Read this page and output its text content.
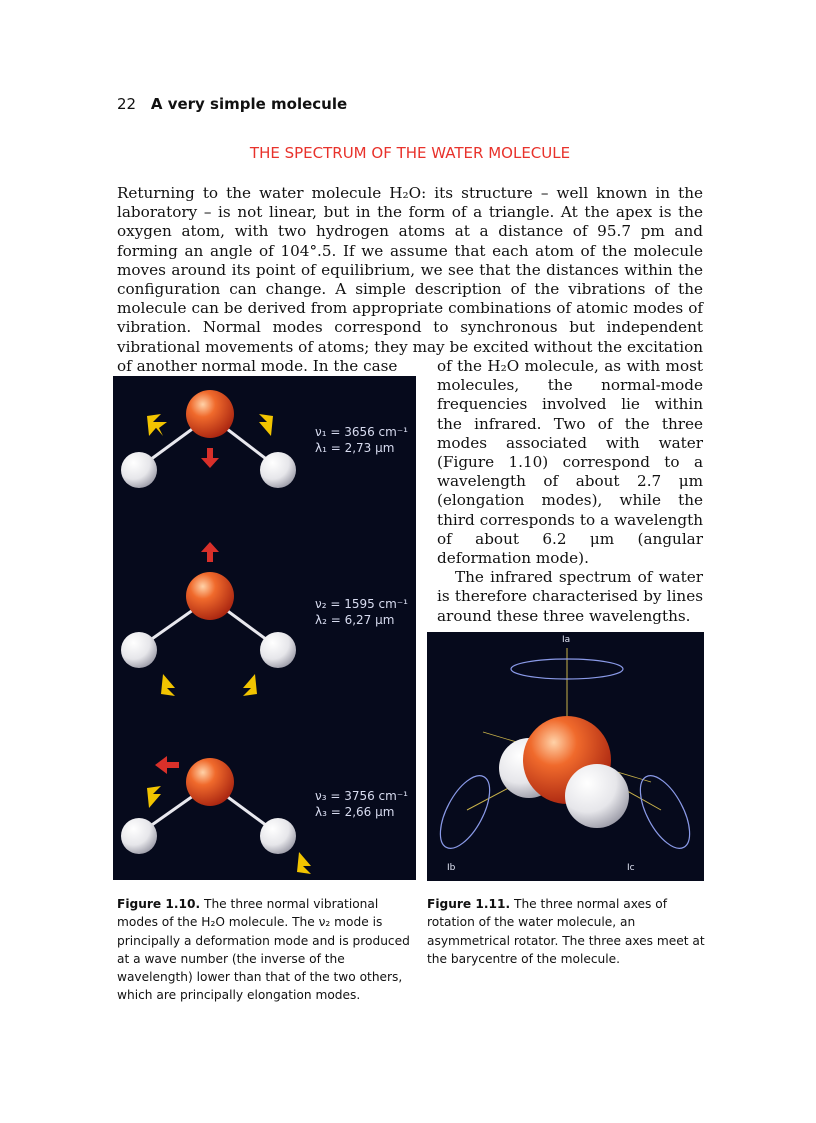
22 A very simple molecule
THE SPECTRUM OF THE WATER MOLECULE

Returning to the water molecule H₂O: its structure – well known in the laboratory – is not linear, but in the form of a triangle. At the apex is the oxygen atom, with two hydrogen atoms at a distance of 95.7 pm and forming an angle of 104°.5. If we assume that each atom of the molecule moves around its point of equilibrium, we see that the distances within the configuration can change. A simple description of the vibrations of the molecule can be derived from appropriate combinations of atomic modes of vibration. Normal modes correspond to synchronous but independent vibrational movements of atoms; they may be excited without the excitation of another normal mode. In the case	of the H₂O molecule, as with most molecules, the normal-mode frequencies involved lie within the infrared. Two of the three modes associated with water (Figure 1.10) correspond to a wavelength of about 2.7 μm (elongation modes), while the third corresponds to a wavelength of about 6.2 μm (angular deformation mode).

The infrared spectrum of water is therefore characterised by lines around these three wavelengths.

ν₁ = 3656 cm⁻¹
λ₁ = 2,73 μm
ν₂ = 1595 cm⁻¹
λ₂ = 6,27 μm
ν₃ = 3756 cm⁻¹
λ₃ = 2,66 μm
Ia
Ib	Ic
Figure 1.10. The three normal vibrational modes of the H₂O molecule. The ν₂ mode is principally a deformation mode and is produced at a wave number (the inverse of the wavelength) lower than that of the two others, which are principally elongation modes.
Figure 1.11. The three normal axes of rotation of the water molecule, an asymmetrical rotator. The three axes meet at the barycentre of the molecule.
